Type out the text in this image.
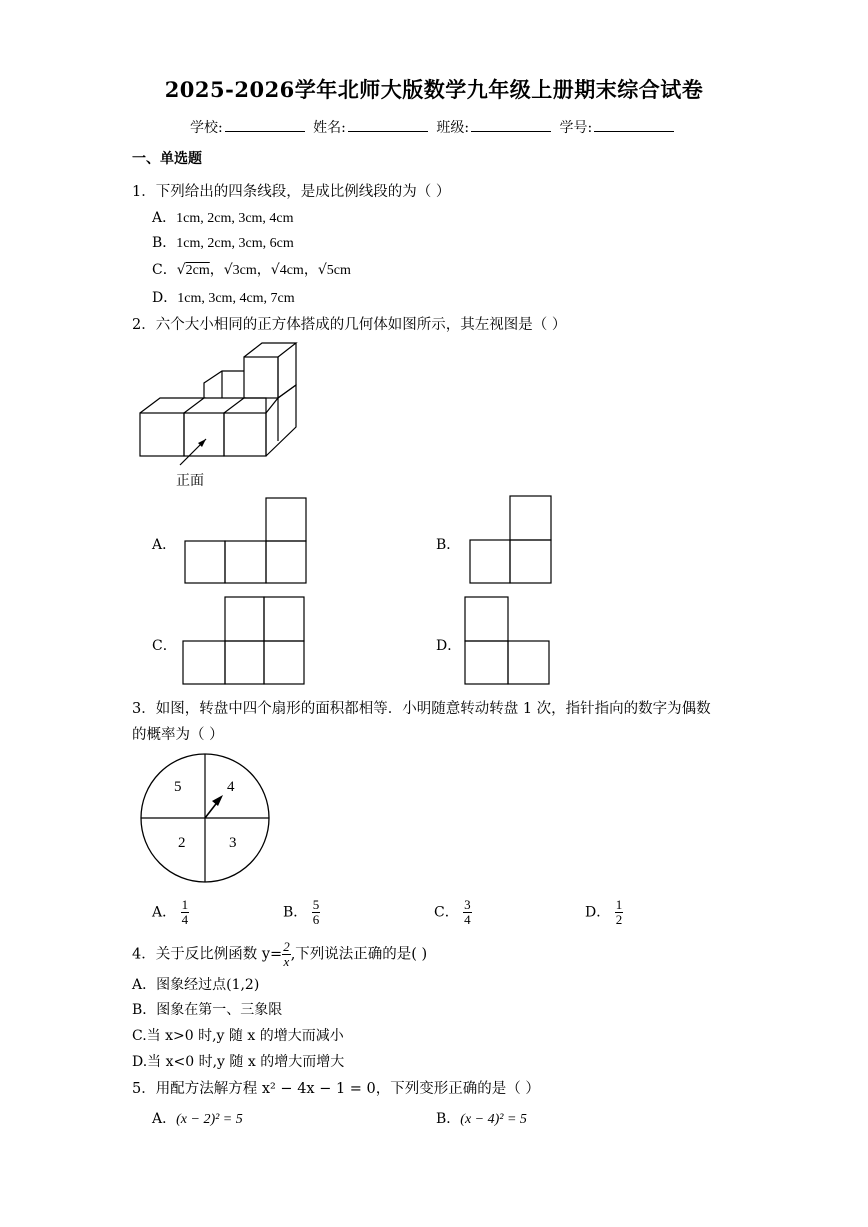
2025-2026学年北师大版数学九年级上册期末综合试卷
学校:	姓名:	班级:	学号:
一、单选题
1．下列给出的四条线段，是成比例线段的为（ ）
A．1cm, 2cm, 3cm, 4cm
B．1cm, 2cm, 3cm, 6cm
C．√2cm，√3cm，√4cm，√5cm
D．1cm, 3cm, 4cm, 7cm
2．六个大小相同的正方体搭成的几何体如图所示，其左视图是（ ）
正面
A．	B．
C．	D．
3．如图，转盘中四个扇形的面积都相等．小明随意转动转盘 1 次，指针指向的数字为偶数
的概率为（ ）
5	4
2	3
A． $\frac{1}{4}$	B． $\frac{5}{6}$	C． $\frac{3}{4}$	D． $\frac{1}{2}$
4．关于反比例函数 $y= \frac{2}{x}$ ,下列说法正确的是( )
A．图象经过点(1,2)
B．图象在第一、三象限
C.当 x>0 时,y 随 x 的增大而减小
D.当 x<0 时,y 随 x 的增大而增大
5．用配方法解方程 x² − 4x − 1 = 0，下列变形正确的是（ ）
A．(x − 2)² = 5	B．(x − 4)² = 5
